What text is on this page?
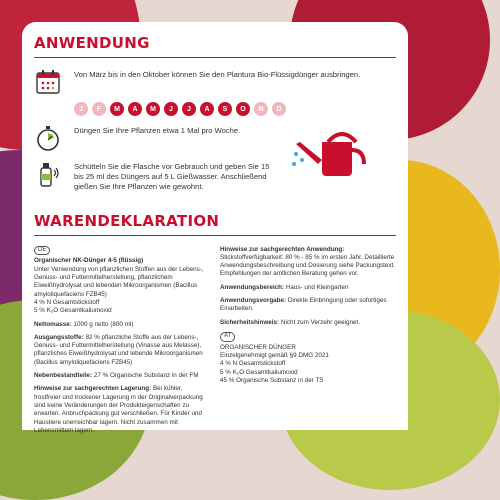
ANWENDUNG
Von März bis in den Oktober können Sie den Plantura Bio-Flüssigdünger ausbringen.
J	F	M	A	M	J	J	A	S	O	N	D
Düngen Sie Ihre Pflanzen etwa 1 Mal pro Woche.
Schütteln Sie die Flasche vor Gebrauch und geben Sie 15 bis 25 ml des Düngers auf 5 L Gießwasser. Anschließend gießen Sie Ihre Pflanzen wie gewohnt.
WARENDEKLARATION
DE

Organischer NK-Dünger 4-5 (flüssig)
Unter Verwendung von pflanzlichen Stoffen aus der Lebens-, Genuss- und Futtermittelherstellung, pflanzlichem Eiweißhydrolysat und lebenden Mikroorganismen (Bacillus amyloliquefaciens FZB45)
4 % N Gesamtstickstoff
5 % K₂O Gesamtkaliumoxid

Nettomasse: 1000 g netto (800 ml)

Ausgangsstoffe: 82 % pflanzliche Stoffe aus der Lebens-, Genuss- und Futtermittelherstellung (Vinasse aus Melasse), pflanzliches Eiweißhydrolysat und lebende Mikroorganismen (Bacillus amyloliquefaciens FZB45)

Nebenbestandteile: 27 % Organische Substanz in der FM

Hinweise zur sachgerechten Lagerung: Bei kühler, frostfreier und trockener Lagerung in der Originalverpackung sind keine Veränderungen der Produkteigenschaften zu erwarten. Anbruchpackung gut verschließen. Für Kinder und Haustiere unerreichbar lagern. Nicht zusammen mit Lebensmitteln lagern.

Hinweise zur sachgerechten Anwendung:
Stickstoffverfügbarkeit: 80 % - 85 % im ersten Jahr. Detaillierte Anwendungsbeschreibung und Dosierung siehe Packungstext. Empfehlungen der amtlichen Beratung gehen vor.

Anwendungsbereich: Haus- und Kleingarten

Anwendungsvorgabe: Direkte Einbringung oder sofortiges Einarbeiten.

Sicherheitshinweis: Nicht zum Verzehr geeignet.

AT

ORGANISCHER DÜNGER
Einzelgenehmigt gemäß §9 DMG 2021
4 % N Gesamtstickstoff
5 % K₂O Gesamtkaliumoxid
45 % Organische Substanz in der TS
